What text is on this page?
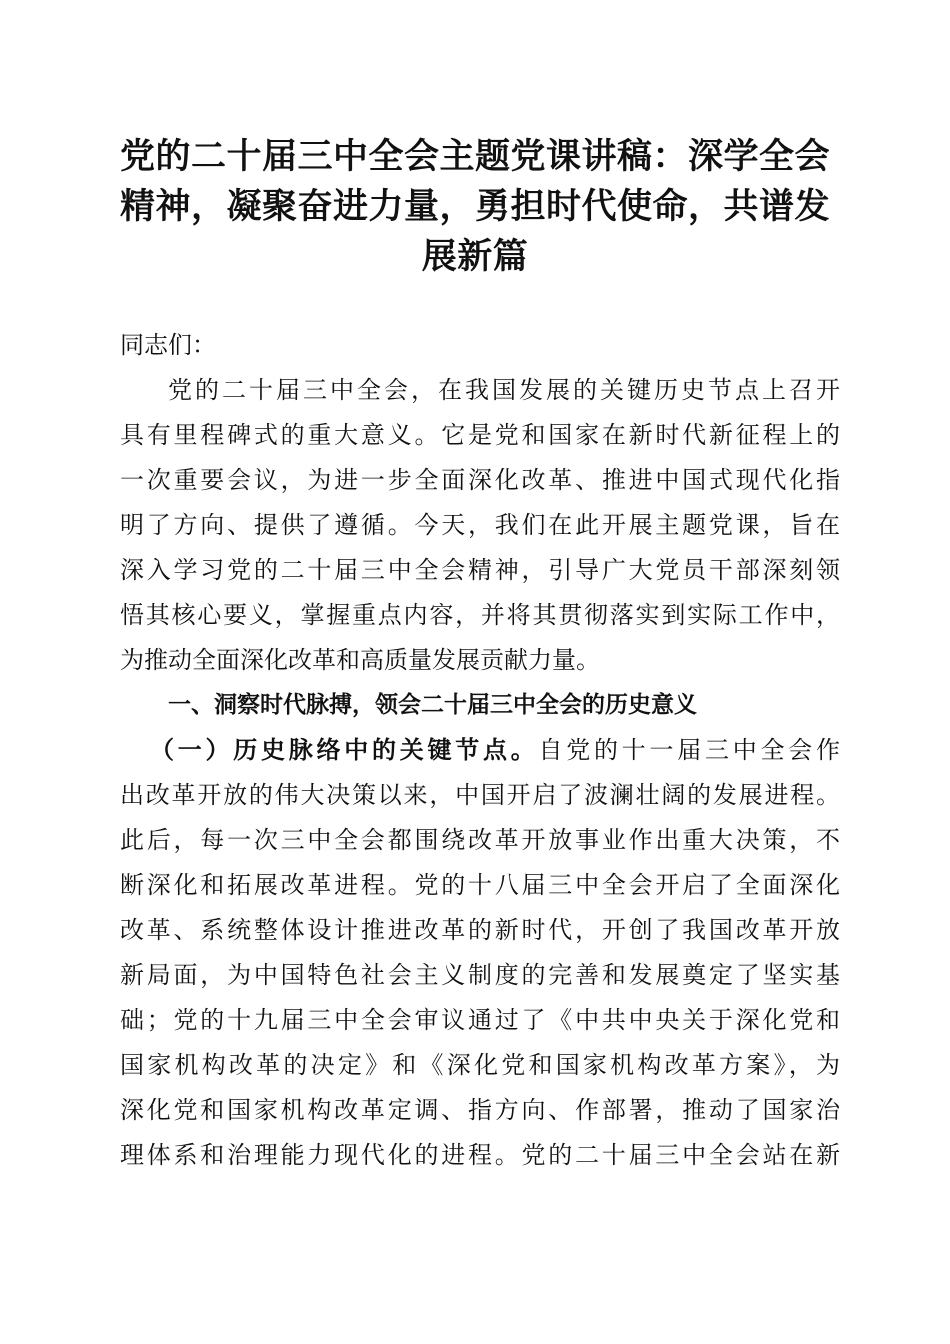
党的二十届三中全会主题党课讲稿：深学全会
精神，凝聚奋进力量，勇担时代使命，共谱发
展新篇
同志们：
党的二十届三中全会，在我国发展的关键历史节点上召开
具有里程碑式的重大意义。它是党和国家在新时代新征程上的
一次重要会议，为进一步全面深化改革、推进中国式现代化指
明了方向、提供了遵循。今天，我们在此开展主题党课，旨在
深入学习党的二十届三中全会精神，引导广大党员干部深刻领
悟其核心要义，掌握重点内容，并将其贯彻落实到实际工作中，
为推动全面深化改革和高质量发展贡献力量。
一、洞察时代脉搏，领会二十届三中全会的历史意义
（一）历史脉络中的关键节点。自党的十一届三中全会作
出改革开放的伟大决策以来，中国开启了波澜壮阔的发展进程。
此后，每一次三中全会都围绕改革开放事业作出重大决策，不
断深化和拓展改革进程。党的十八届三中全会开启了全面深化
改革、系统整体设计推进改革的新时代，开创了我国改革开放
新局面，为中国特色社会主义制度的完善和发展奠定了坚实基
础；党的十九届三中全会审议通过了《中共中央关于深化党和
国家机构改革的决定》和《深化党和国家机构改革方案》，为
深化党和国家机构改革定调、指方向、作部署，推动了国家治
理体系和治理能力现代化的进程。党的二十届三中全会站在新
